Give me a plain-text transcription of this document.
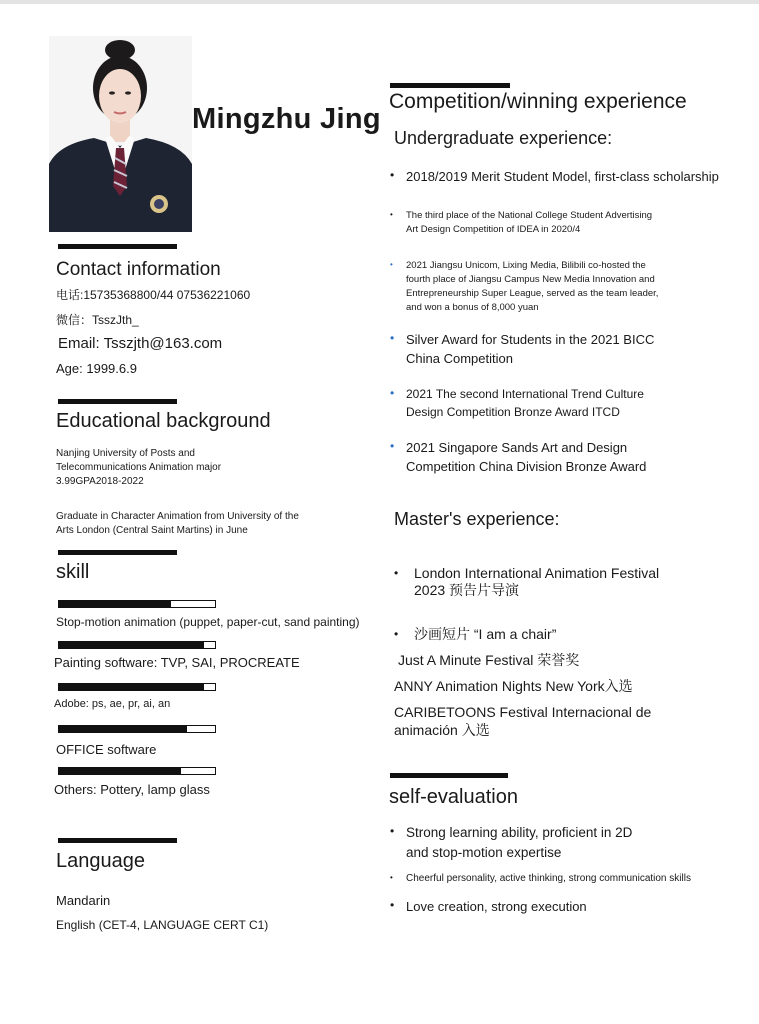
Mingzhu Jing
Contact information
电话:15735368800/44 07536221060
微信：TsszJth_
Email: Tsszjth@163.com
Age: 1999.6.9
Educational background
Nanjing University of Posts and Telecommunications Animation major 3.99GPA2018-2022
Graduate in Character Animation from University of the Arts London (Central Saint Martins) in June
skill
Stop-motion animation (puppet, paper-cut, sand painting)
Painting software: TVP, SAI, PROCREATE
Adobe: ps, ae, pr, ai, an
OFFICE software
Others: Pottery, lamp glass
Language
Mandarin
English (CET-4, LANGUAGE CERT C1)
Competition/winning experience
Undergraduate experience:
• 2018/2019 Merit Student Model, first-class scholarship
• The third place of the National College Student Advertising Art Design Competition of IDEA in 2020/4
• 2021 Jiangsu Unicom, Lixing Media, Bilibili co-hosted the fourth place of Jiangsu Campus New Media Innovation and Entrepreneurship Super League, served as the team leader, and won a bonus of 8,000 yuan
• Silver Award for Students in the 2021 BICC China Competition
• 2021 The second International Trend Culture Design Competition Bronze Award ITCD
• 2021 Singapore Sands Art and Design Competition China Division Bronze Award
Master's experience:
• London International Animation Festival 2023 预告片导演
• 沙画短片 “I am a chair”
Just A Minute Festival 荣誉奖
ANNY Animation Nights New York入选
CARIBETOONS Festival Internacional de animación 入选
self-evaluation
• Strong learning ability, proficient in 2D and stop-motion expertise
• Cheerful personality, active thinking, strong communication skills
• Love creation, strong execution
